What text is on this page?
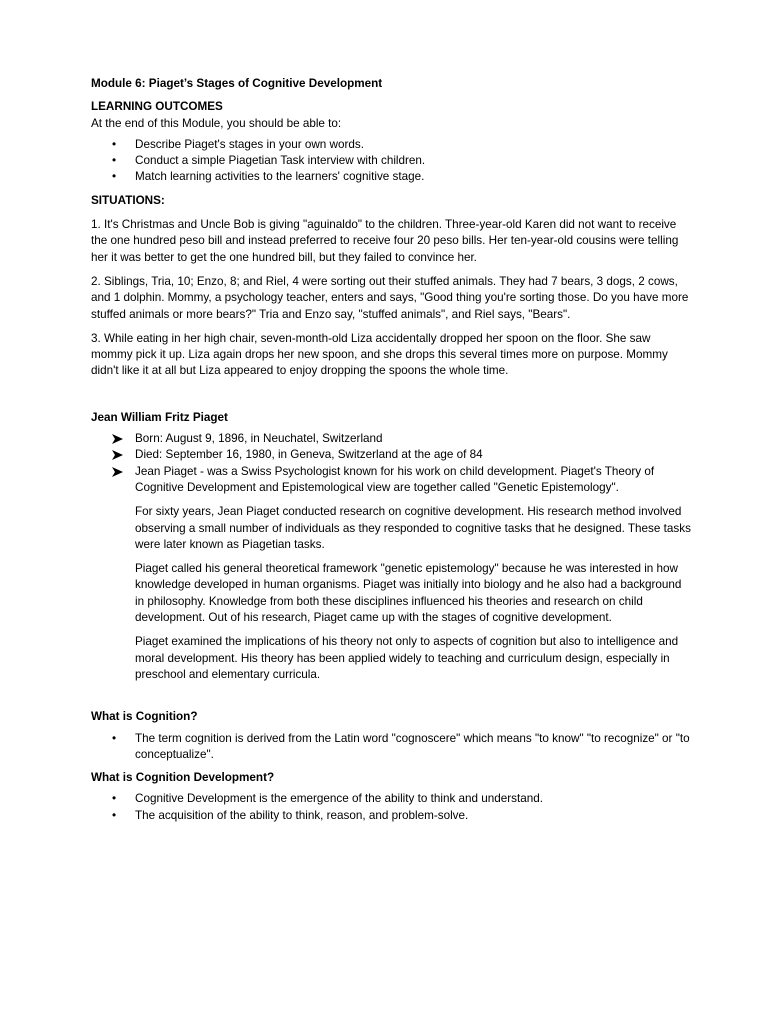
Module 6: Piaget’s Stages of Cognitive Development

LEARNING OUTCOMES

At the end of this Module, you should be able to:

•	Describe Piaget's stages in your own words.
•	Conduct a simple Piagetian Task interview with children.
•	Match learning activities to the learners' cognitive stage.

SITUATIONS:

1. It's Christmas and Uncle Bob is giving "aguinaldo" to the children. Three-year-old Karen did not want to receive the one hundred peso bill and instead preferred to receive four 20 peso bills. Her ten-year-old cousins were telling her it was better to get the one hundred bill, but they failed to convince her.

2. Siblings, Tria, 10; Enzo, 8; and Riel, 4 were sorting out their stuffed animals. They had 7 bears, 3 dogs, 2 cows, and 1 dolphin. Mommy, a psychology teacher, enters and says, "Good thing you're sorting those. Do you have more stuffed animals or more bears?" Tria and Enzo say, "stuffed animals", and Riel says, "Bears".

3. While eating in her high chair, seven-month-old Liza accidentally dropped her spoon on the floor. She saw mommy pick it up. Liza again drops her new spoon, and she drops this several times more on purpose. Mommy didn't like it at all but Liza appeared to enjoy dropping the spoons the whole time.

Jean William Fritz Piaget

Born: August 9, 1896, in Neuchatel, Switzerland
Died: September 16, 1980, in Geneva, Switzerland at the age of 84
Jean Piaget - was a Swiss Psychologist known for his work on child development. Piaget's Theory of Cognitive Development and Epistemological view are together called "Genetic Epistemology".

For sixty years, Jean Piaget conducted research on cognitive development. His research method involved observing a small number of individuals as they responded to cognitive tasks that he designed. These tasks were later known as Piagetian tasks.

Piaget called his general theoretical framework "genetic epistemology" because he was interested in how knowledge developed in human organisms. Piaget was initially into biology and he also had a background in philosophy. Knowledge from both these disciplines influenced his theories and research on child development. Out of his research, Piaget came up with the stages of cognitive development.

Piaget examined the implications of his theory not only to aspects of cognition but also to intelligence and moral development. His theory has been applied widely to teaching and curriculum design, especially in preschool and elementary curricula.

What is Cognition?

•	The term cognition is derived from the Latin word "cognoscere" which means "to know" "to recognize" or "to conceptualize".

What is Cognition Development?

•	Cognitive Development is the emergence of the ability to think and understand.
•	The acquisition of the ability to think, reason, and problem-solve.
